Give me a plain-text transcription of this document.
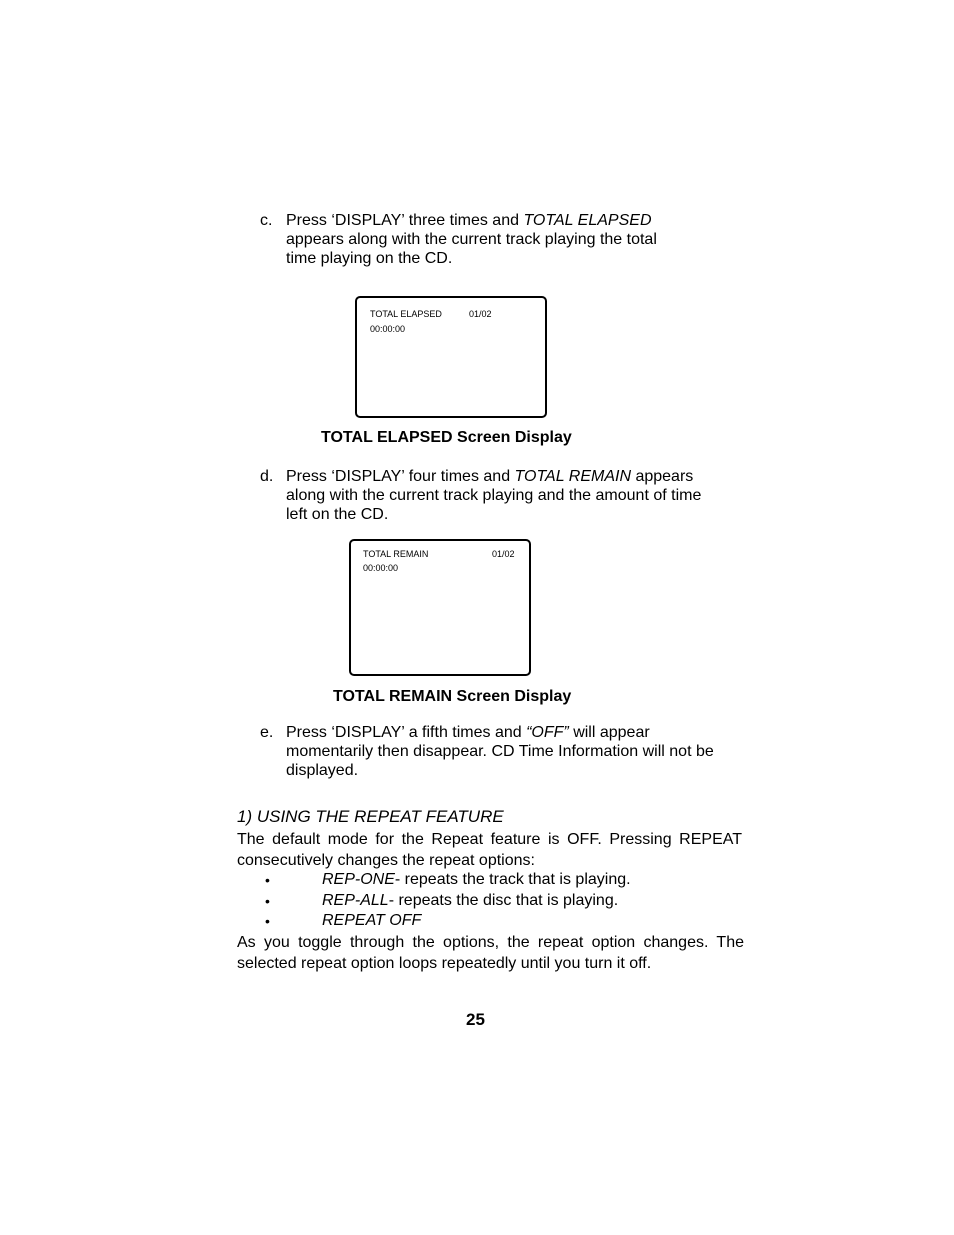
c. Press ‘DISPLAY’ three times and TOTAL ELAPSED
appears along with the current track playing the total
time playing on the CD.
TOTAL ELAPSED	01/02
00:00:00
TOTAL ELAPSED Screen Display
d. Press ‘DISPLAY’ four times and TOTAL REMAIN appears
along with the current track playing and the amount of time
left on the CD.
TOTAL REMAIN	01/02
00:00:00
TOTAL REMAIN Screen Display
e. Press ‘DISPLAY’ a fifth times and “OFF” will appear
momentarily then disappear. CD Time Information will not be
displayed.
1) USING THE REPEAT FEATURE
The default mode for the Repeat feature is OFF. Pressing REPEAT
consecutively changes the repeat options:
•	REP-ONE- repeats the track that is playing.
•	REP-ALL- repeats the disc that is playing.
•	REPEAT OFF
As you toggle through the options, the repeat option changes. The
selected repeat option loops repeatedly until you turn it off.
25
